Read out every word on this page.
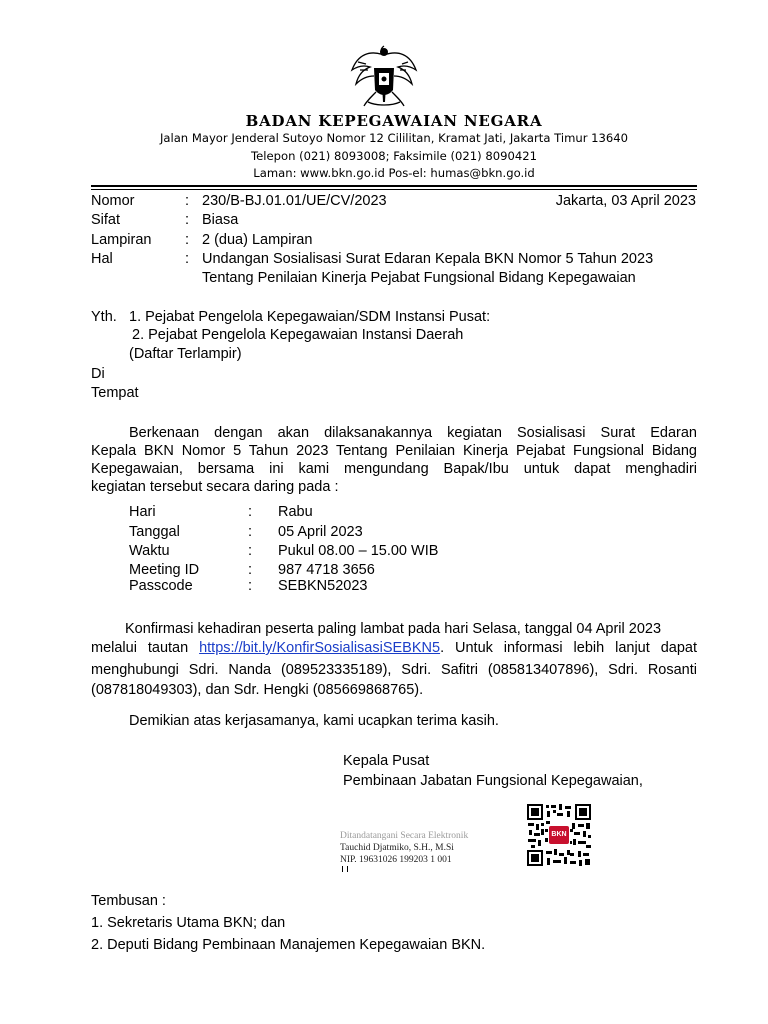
BADAN KEPEGAWAIAN NEGARA
Jalan Mayor Jenderal Sutoyo Nomor 12 Cililitan, Kramat Jati, Jakarta Timur 13640
Telepon (021) 8093008; Faksimile (021) 8090421
Laman: www.bkn.go.id Pos-el: humas@bkn.go.id
Nomor	: 230/B-BJ.01.01/UE/CV/2023	Jakarta, 03 April 2023
Sifat	: Biasa
Lampiran : 2 (dua) Lampiran
Hal	: Undangan Sosialisasi Surat Edaran Kepala BKN Nomor 5 Tahun 2023
Tentang Penilaian Kinerja Pejabat Fungsional Bidang Kepegawaian
Yth. 1. Pejabat Pengelola Kepegawaian/SDM Instansi Pusat:
2. Pejabat Pengelola Kepegawaian Instansi Daerah
(Daftar Terlampir)
Di
Tempat
Berkenaan dengan akan dilaksanakannya kegiatan Sosialisasi Surat Edaran
Kepala BKN Nomor 5 Tahun 2023 Tentang Penilaian Kinerja Pejabat Fungsional Bidang
Kepegawaian, bersama ini kami mengundang Bapak/Ibu untuk dapat menghadiri
kegiatan tersebut secara daring pada :
Hari	: Rabu
Tanggal	: 05 April 2023
Waktu	: Pukul 08.00 – 15.00 WIB
Meeting ID	: 987 4718 3656
Passcode	: SEBKN52023
Konfirmasi kehadiran peserta paling lambat pada hari Selasa, tanggal 04 April 2023
melalui tautan https://bit.ly/KonfirSosialisasiSEBKN5. Untuk informasi lebih lanjut dapat
menghubungi Sdri. Nanda (089523335189), Sdri. Safitri (085813407896), Sdri. Rosanti
(087818049303), dan Sdr. Hengki (085669868765).
Demikian atas kerjasamanya, kami ucapkan terima kasih.
Kepala Pusat
Pembinaan Jabatan Fungsional Kepegawaian,
Ditandatangani Secara Elektronik
Tauchid Djatmiko, S.H., M.Si
NIP. 19631026 199203 1 001
BKN
Tembusan :
1. Sekretaris Utama BKN; dan
2. Deputi Bidang Pembinaan Manajemen Kepegawaian BKN.
